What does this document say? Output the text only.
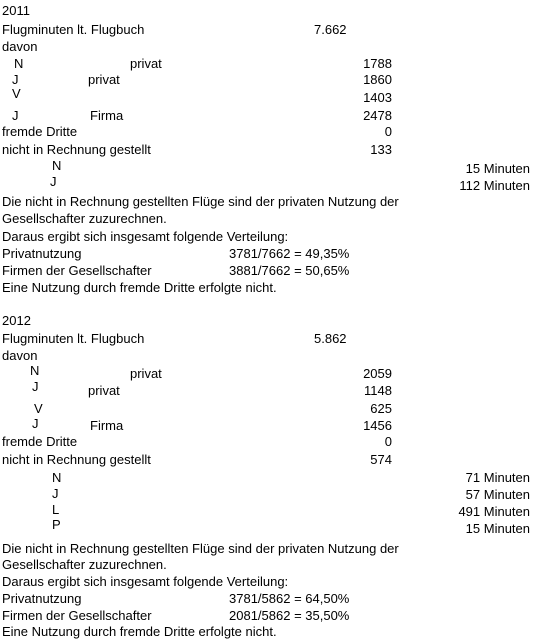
2011
Flugminuten lt. Flugbuch	7.662
davon
N	privat	1788
J	privat	1860
V	1403
J	Firma	2478
fremde Dritte	0
nicht in Rechnung gestellt	133
N	15 Minuten
J	112 Minuten
Die nicht in Rechnung gestellten Flüge sind der privaten Nutzung der
Gesellschafter zuzurechnen.
Daraus ergibt sich insgesamt folgende Verteilung:
Privatnutzung	3781/7662 = 49,35%
Firmen der Gesellschafter	3881/7662 = 50,65%
Eine Nutzung durch fremde Dritte erfolgte nicht.
2012
Flugminuten lt. Flugbuch	5.862
davon
N	privat	2059
J	privat	1148
V	625
J	Firma	1456
fremde Dritte	0
nicht in Rechnung gestellt	574
N	71 Minuten
J	57 Minuten
L	491 Minuten
P	15 Minuten
Die nicht in Rechnung gestellten Flüge sind der privaten Nutzung der
Gesellschafter zuzurechnen.
Daraus ergibt sich insgesamt folgende Verteilung:
Privatnutzung	3781/5862 = 64,50%
Firmen der Gesellschafter	2081/5862 = 35,50%
Eine Nutzung durch fremde Dritte erfolgte nicht.
